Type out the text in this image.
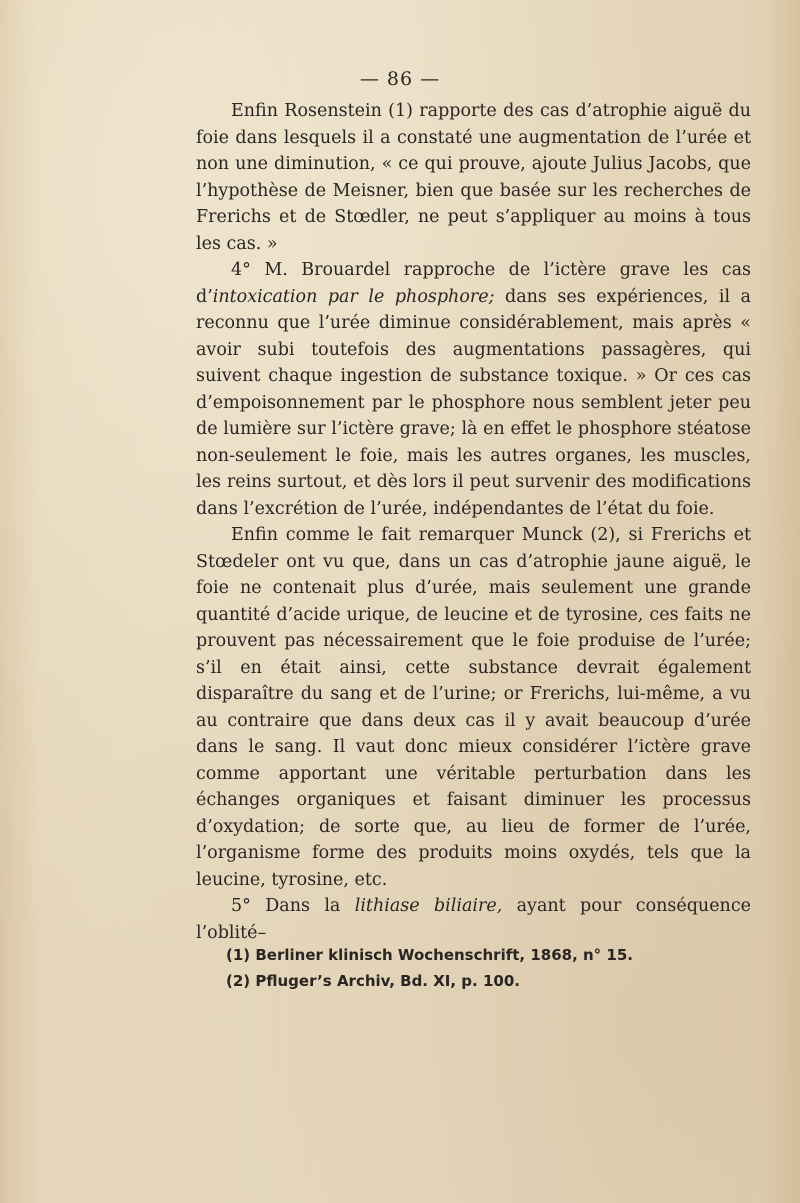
— 86 —

Enfin Rosenstein (1) rapporte des cas d’atrophie aiguë du foie dans lesquels il a constaté une augmentation de l’urée et non une diminution, « ce qui prouve, ajoute Julius Jacobs, que l’hypothèse de Meisner, bien que basée sur les recherches de Frerichs et de Stœdler, ne peut s’appliquer au moins à tous les cas. »

4° M. Brouardel rapproche de l’ictère grave les cas d’intoxication par le phosphore; dans ses expériences, il a reconnu que l’urée diminue considérablement, mais après « avoir subi toutefois des augmentations passagères, qui suivent chaque ingestion de substance toxique. » Or ces cas d’empoisonnement par le phosphore nous semblent jeter peu de lumière sur l’ictère grave; là en effet le phosphore stéatose non-seulement le foie, mais les autres organes, les muscles, les reins surtout, et dès lors il peut survenir des modifications dans l’excrétion de l’urée, indépendantes de l’état du foie.

Enfin comme le fait remarquer Munck (2), si Frerichs et Stœdeler ont vu que, dans un cas d’atrophie jaune aiguë, le foie ne contenait plus d’urée, mais seulement une grande quantité d’acide urique, de leucine et de tyrosine, ces faits ne prouvent pas nécessairement que le foie produise de l’urée; s’il en était ainsi, cette substance devrait également disparaître du sang et de l’urine; or Frerichs, lui-même, a vu au contraire que dans deux cas il y avait beaucoup d’urée dans le sang. Il vaut donc mieux considérer l’ictère grave comme apportant une véritable perturbation dans les échanges organiques et faisant diminuer les processus d’oxydation; de sorte que, au lieu de former de l’urée, l’organisme forme des produits moins oxydés, tels que la leucine, tyrosine, etc.

5° Dans la lithiase biliaire, ayant pour conséquence l’oblité–

(1) Berliner klinisch Wochenschrift, 1868, n° 15.

(2) Pfluger’s Archiv, Bd. XI, p. 100.
